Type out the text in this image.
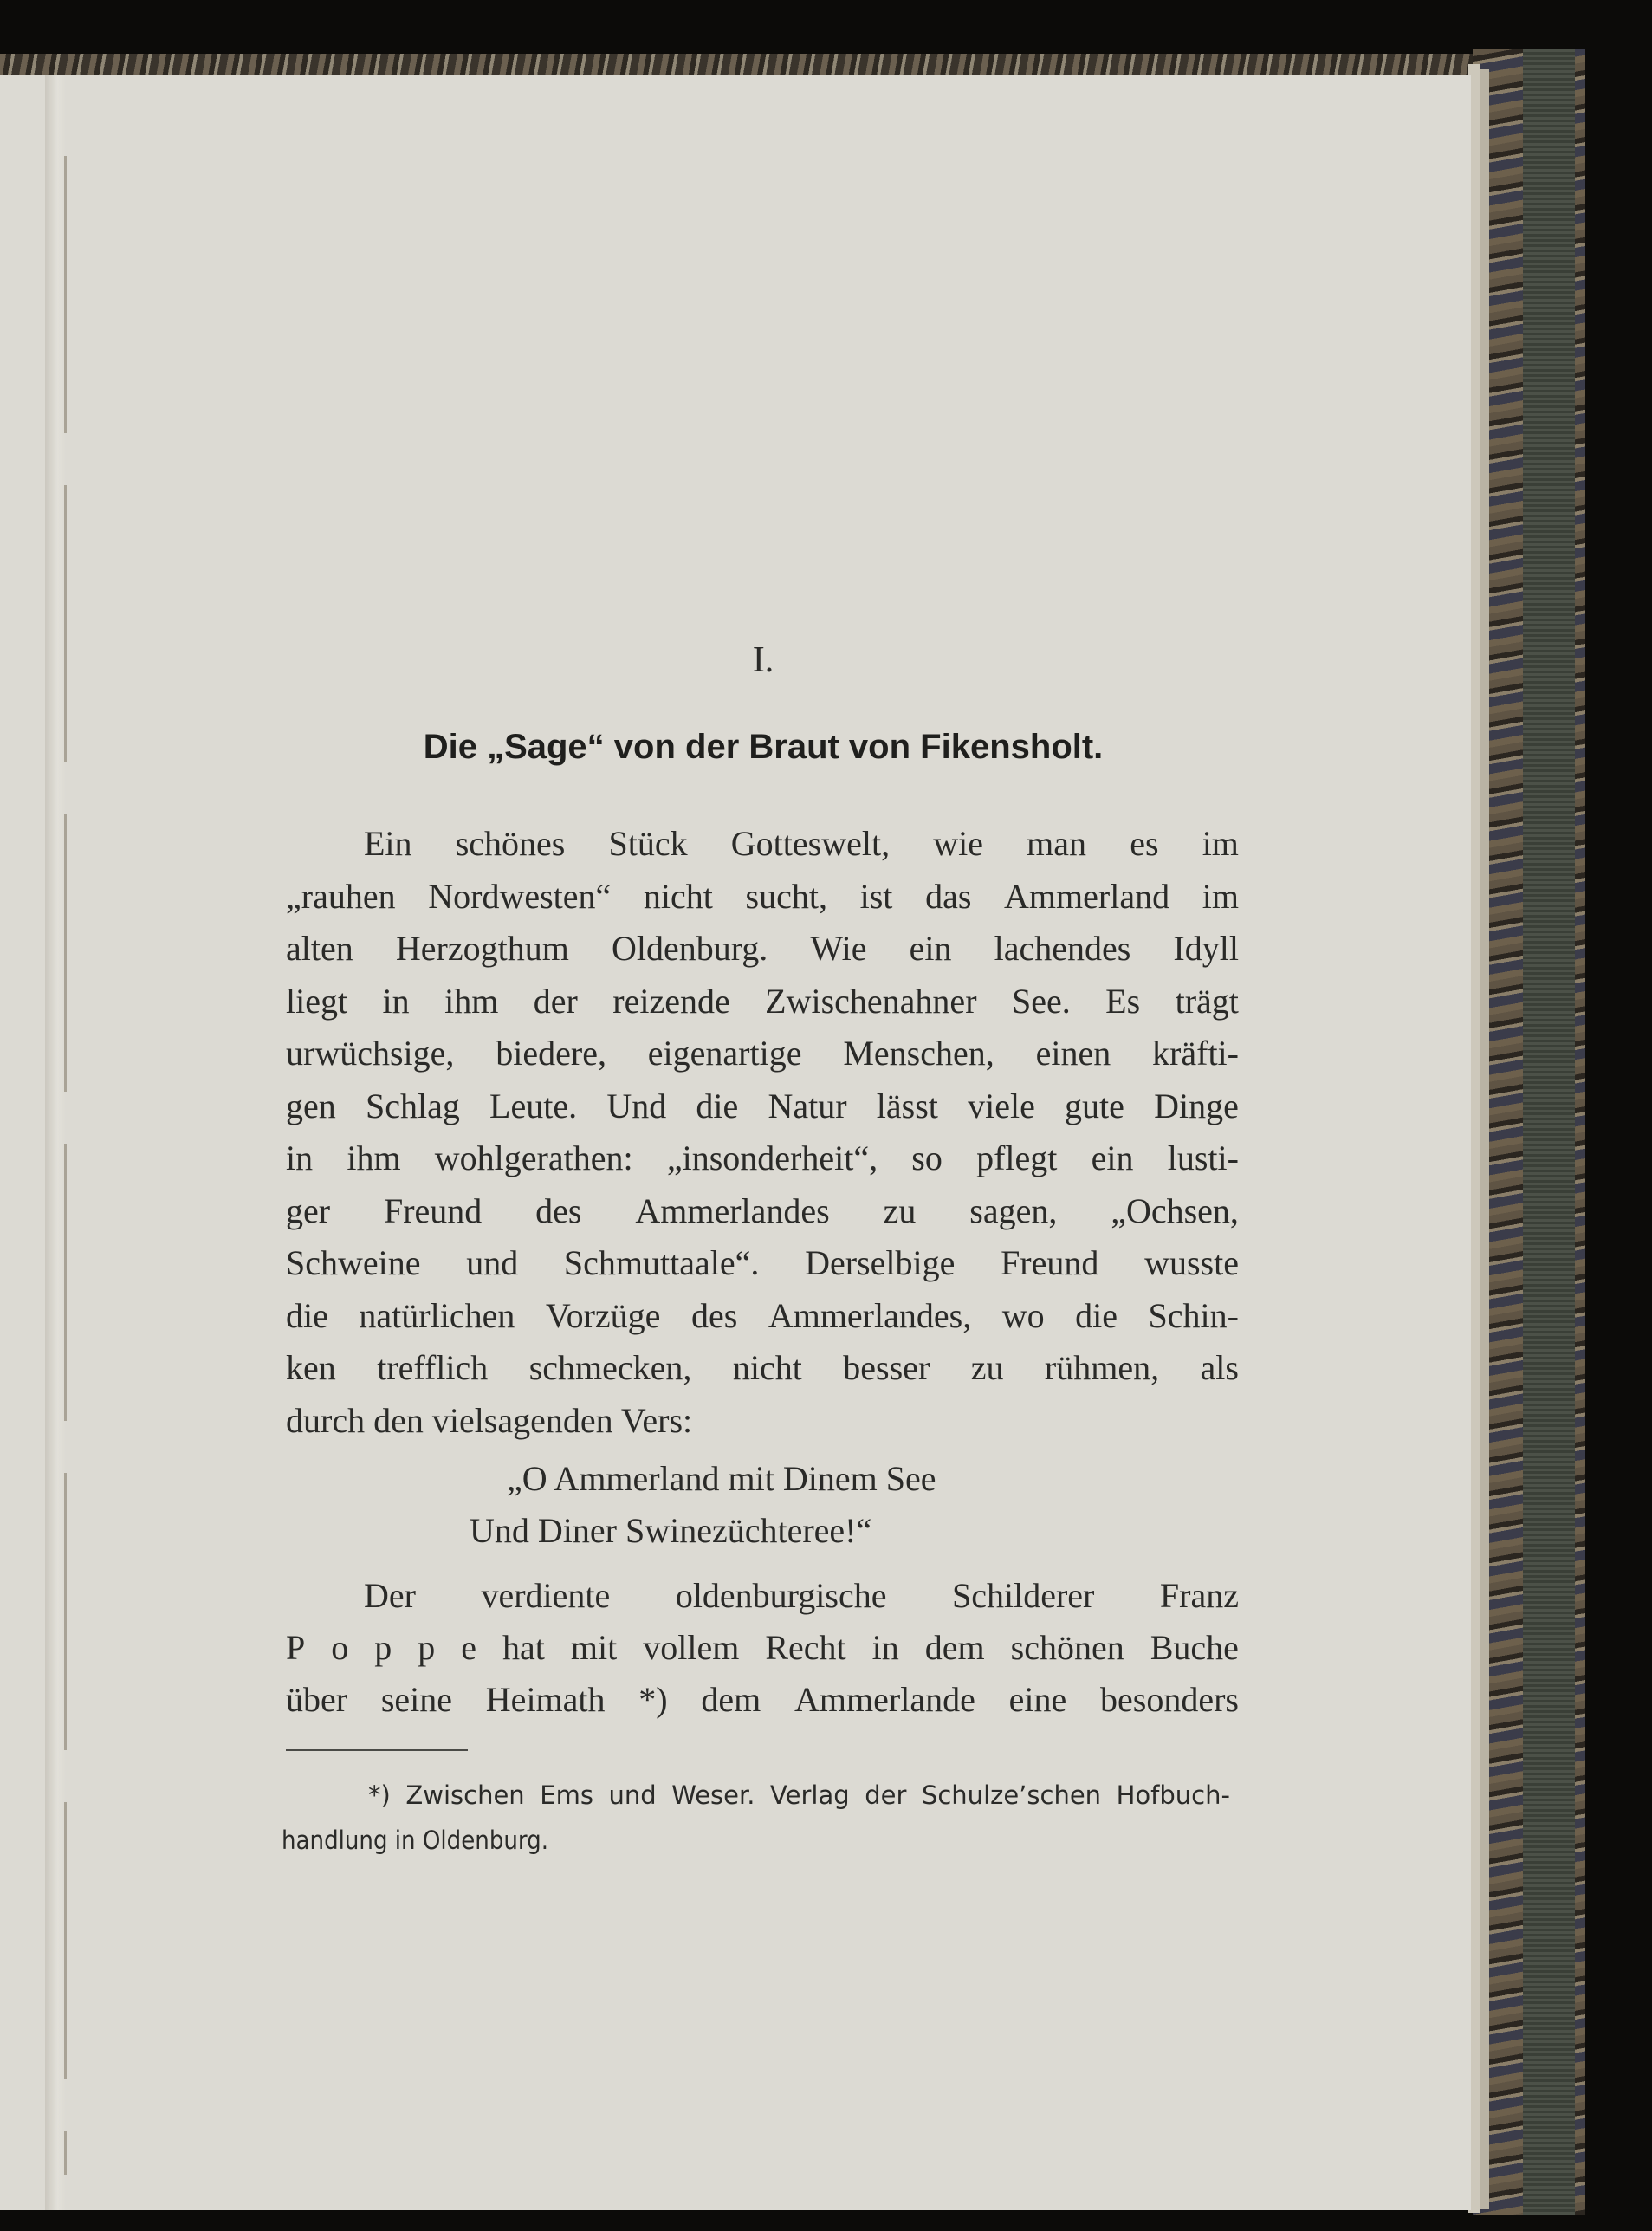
I.
Die „Sage“ von der Braut von Fikensholt.
Ein schönes Stück Gotteswelt, wie man es im
„rauhen Nordwesten“ nicht sucht, ist das Ammerland im
alten Herzogthum Oldenburg. Wie ein lachendes Idyll
liegt in ihm der reizende Zwischenahner See. Es trägt
urwüchsige, biedere, eigenartige Menschen, einen kräfti-
gen Schlag Leute. Und die Natur lässt viele gute Dinge
in ihm wohlgerathen: „insonderheit“, so pflegt ein lusti-
ger Freund des Ammerlandes zu sagen, „Ochsen,
Schweine und Schmuttaale“. Derselbige Freund wusste
die natürlichen Vorzüge des Ammerlandes, wo die Schin-
ken trefflich schmecken, nicht besser zu rühmen, als
durch den vielsagenden Vers:
„O Ammerland mit Dinem See
Und Diner Swinezüchteree!“
Der verdiente oldenburgische Schilderer Franz
P o p p e hat mit vollem Recht in dem schönen Buche
über seine Heimath *) dem Ammerlande eine besonders
*) Zwischen Ems und Weser. Verlag der Schulze’schen Hofbuch-
handlung in Oldenburg.
